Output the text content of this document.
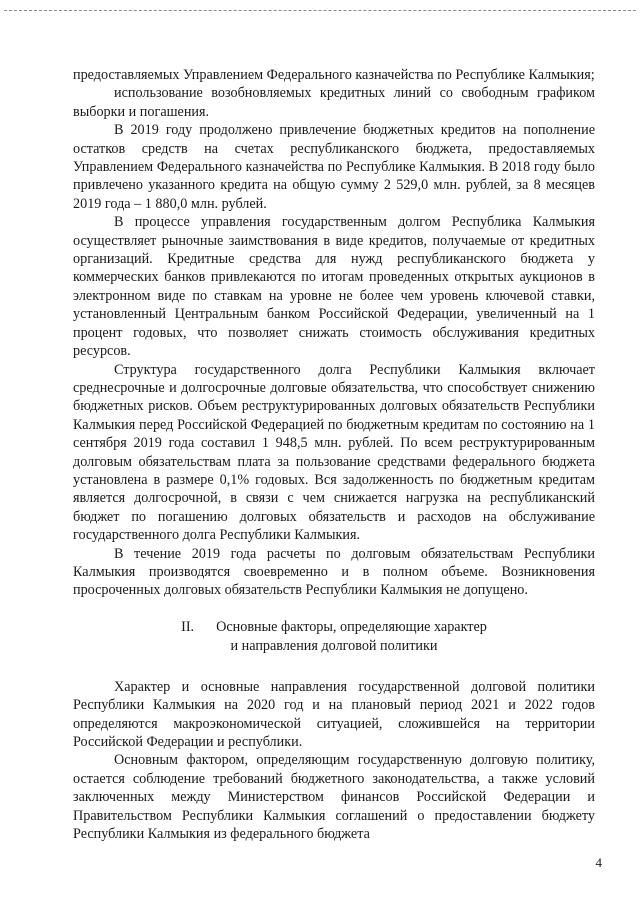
предоставляемых Управлением Федерального казначейства по Республике Калмыкия;

использование возобновляемых кредитных линий со свободным графиком выборки и погашения.

В 2019 году продолжено привлечение бюджетных кредитов на пополнение остатков средств на счетах республиканского бюджета, предоставляемых Управлением Федерального казначейства по Республике Калмыкия. В 2018 году было привлечено указанного кредита на общую сумму 2 529,0 млн. рублей, за 8 месяцев 2019 года – 1 880,0 млн. рублей.

В процессе управления государственным долгом Республика Калмыкия осуществляет рыночные заимствования в виде кредитов, получаемые от кредитных организаций. Кредитные средства для нужд республиканского бюджета у коммерческих банков привлекаются по итогам проведенных открытых аукционов в электронном виде по ставкам на уровне не более чем уровень ключевой ставки, установленный Центральным банком Российской Федерации, увеличенный на 1 процент годовых, что позволяет снижать стоимость обслуживания кредитных ресурсов.

Структура государственного долга Республики Калмыкия включает среднесрочные и долгосрочные долговые обязательства, что способствует снижению бюджетных рисков. Объем реструктурированных долговых обязательств Республики Калмыкия перед Российской Федерацией по бюджетным кредитам по состоянию на 1 сентября 2019 года составил 1 948,5 млн. рублей. По всем реструктурированным долговым обязательствам плата за пользование средствами федерального бюджета установлена в размере 0,1% годовых. Вся задолженность по бюджетным кредитам является долгосрочной, в связи с чем снижается нагрузка на республиканский бюджет по погашению долговых обязательств и расходов на обслуживание государственного долга Республики Калмыкия.

В течение 2019 года расчеты по долговым обязательствам Республики Калмыкия производятся своевременно и в полном объеме. Возникновения просроченных долговых обязательств Республики Калмыкия не допущено.

II. Основные факторы, определяющие характер
и направления долговой политики

Характер и основные направления государственной долговой политики Республики Калмыкия на 2020 год и на плановый период 2021 и 2022 годов определяются макроэкономической ситуацией, сложившейся на территории Российской Федерации и республики.

Основным фактором, определяющим государственную долговую политику, остается соблюдение требований бюджетного законодательства, а также условий заключенных между Министерством финансов Российской Федерации и Правительством Республики Калмыкия соглашений о предоставлении бюджету Республики Калмыкия из федерального бюджета

4
